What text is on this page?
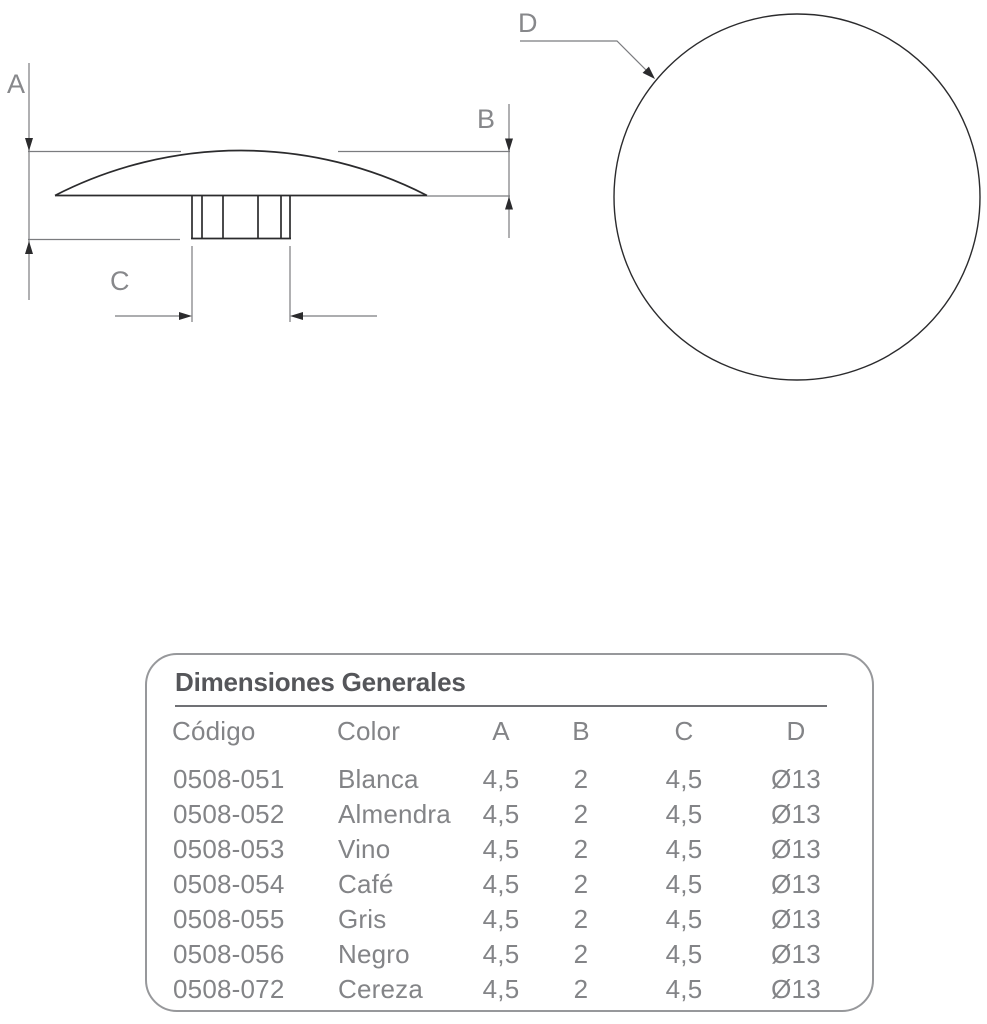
A
B
C
D
Dimensiones Generales
Código	Color	A	B	C	D
0508-051	Blanca	4,5	2	4,5	Ø13
0508-052	Almendra	4,5	2	4,5	Ø13
0508-053	Vino	4,5	2	4,5	Ø13
0508-054	Café	4,5	2	4,5	Ø13
0508-055	Gris	4,5	2	4,5	Ø13
0508-056	Negro	4,5	2	4,5	Ø13
0508-072	Cereza	4,5	2	4,5	Ø13
